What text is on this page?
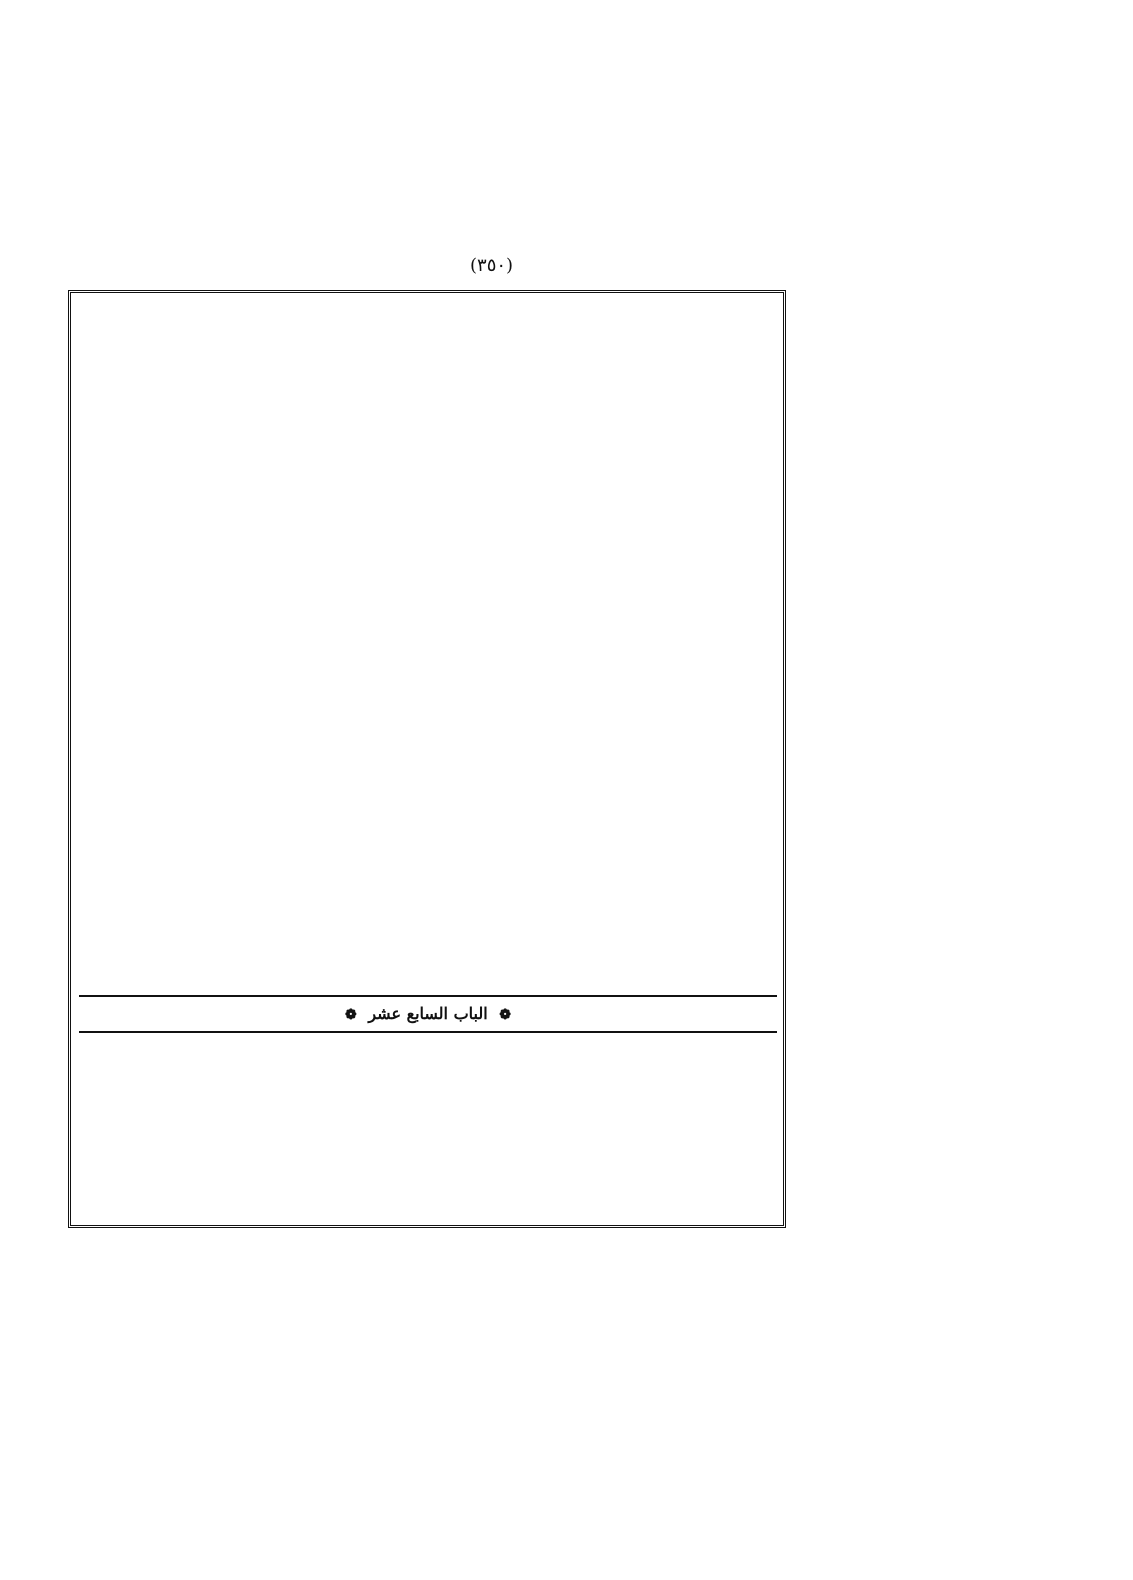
(٣٥٠)
❁ الباب السابع عشر ❁
